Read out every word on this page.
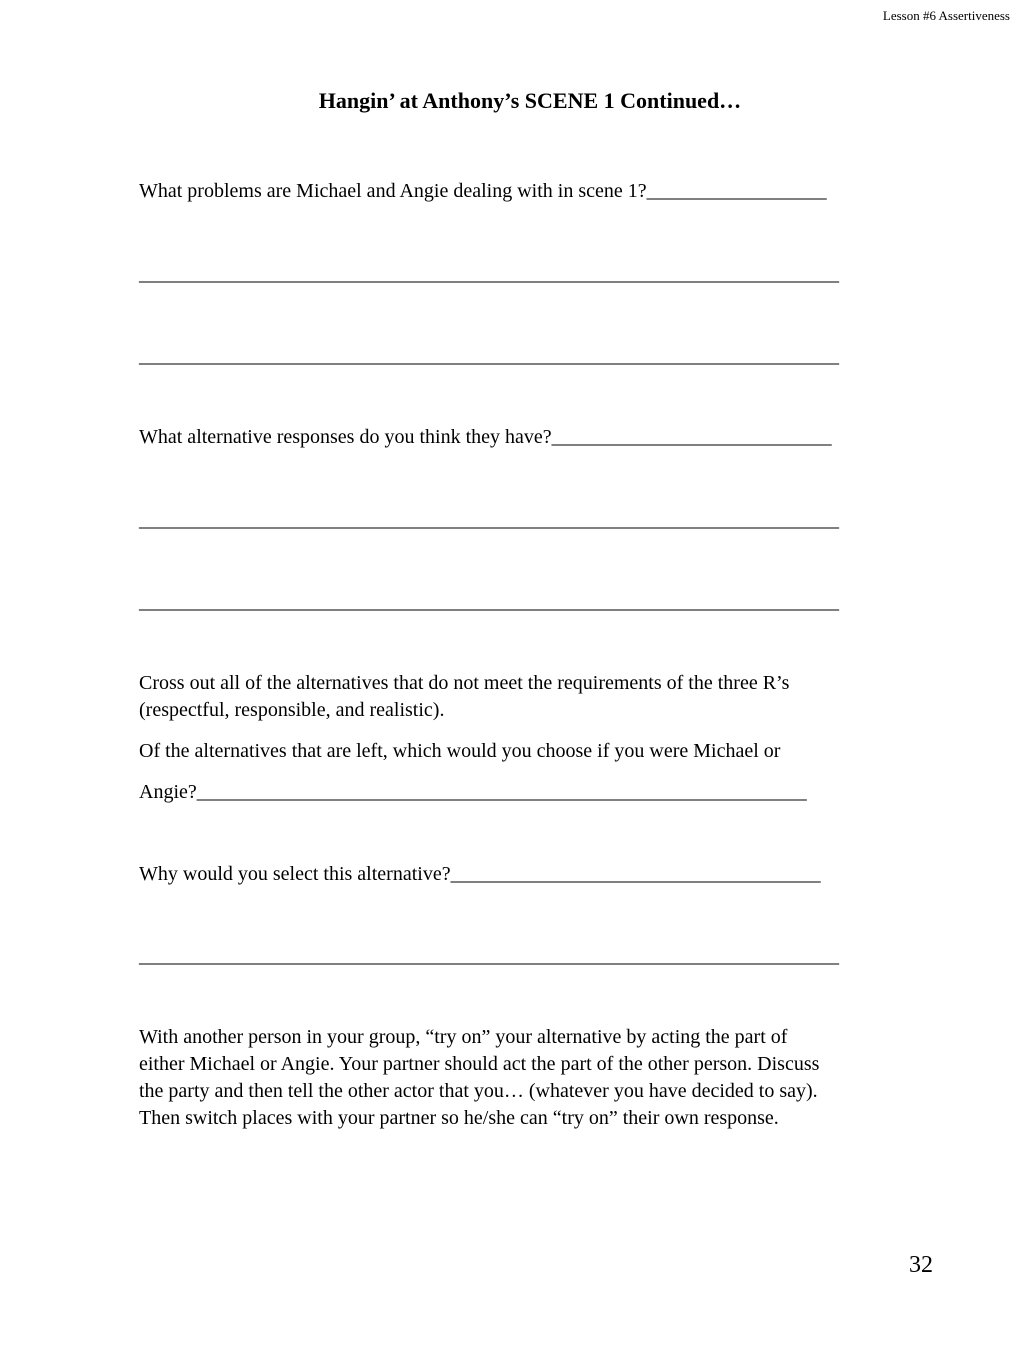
Lesson #6 Assertiveness
Hangin’ at Anthony’s SCENE 1 Continued…
What problems are Michael and Angie dealing with in scene 1?__________________
______________________________________________________________________
______________________________________________________________________
What alternative responses do you think they have?____________________________
______________________________________________________________________
______________________________________________________________________
Cross out all of the alternatives that do not meet the requirements of the three R’s
(respectful, responsible, and realistic).
Of the alternatives that are left, which would you choose if you were Michael or
Angie?_____________________________________________________________
Why would you select this alternative?_____________________________________
______________________________________________________________________
With another person in your group, “try on” your alternative by acting the part of
either Michael or Angie. Your partner should act the part of the other person. Discuss
the party and then tell the other actor that you… (whatever you have decided to say).
Then switch places with your partner so he/she can “try on” their own response.
32
